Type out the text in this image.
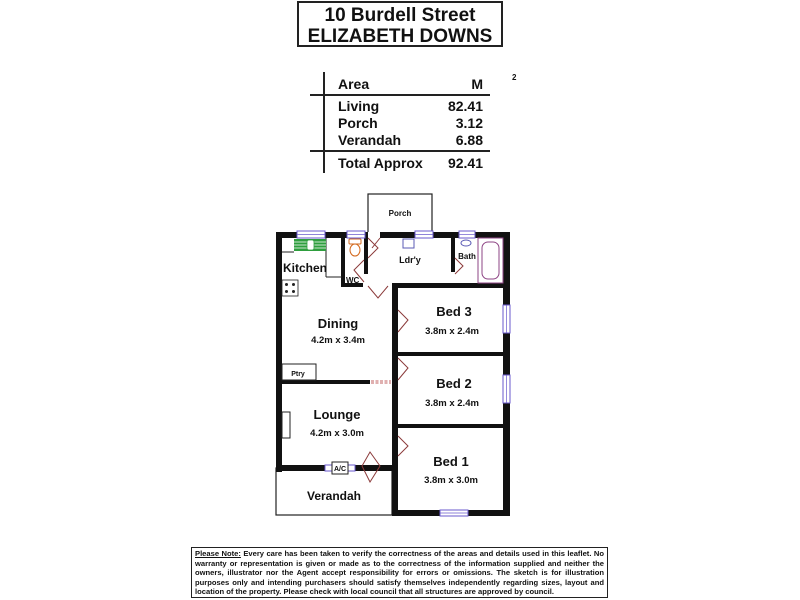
10 Burdell Street
ELIZABETH DOWNS
Area	M	2
Living	82.41
Porch	3.12
Verandah	6.88
Total Approx 92.41
A/C
Porch
Kitchen
WC
Ldr'y	Bath
Dining
4.2m x 3.4m
Ptry
Lounge
4.2m x 3.0m
Verandah
Bed 3
3.8m x 2.4m
Bed 2
3.8m x 2.4m
Bed 1
3.8m x 3.0m
Please Note: Every care has been taken to verify the correctness of the areas and details used in this leaflet. No warranty or representation is given or made as to the correctness of the information supplied and neither the owners, illustrator nor the Agent accept responsibility for errors or omissions. The sketch is for illustration purposes only and intending purchasers should satisfy themselves independently regarding sizes, layout and location of the property. Please check with local council that all structures are approved by council.
